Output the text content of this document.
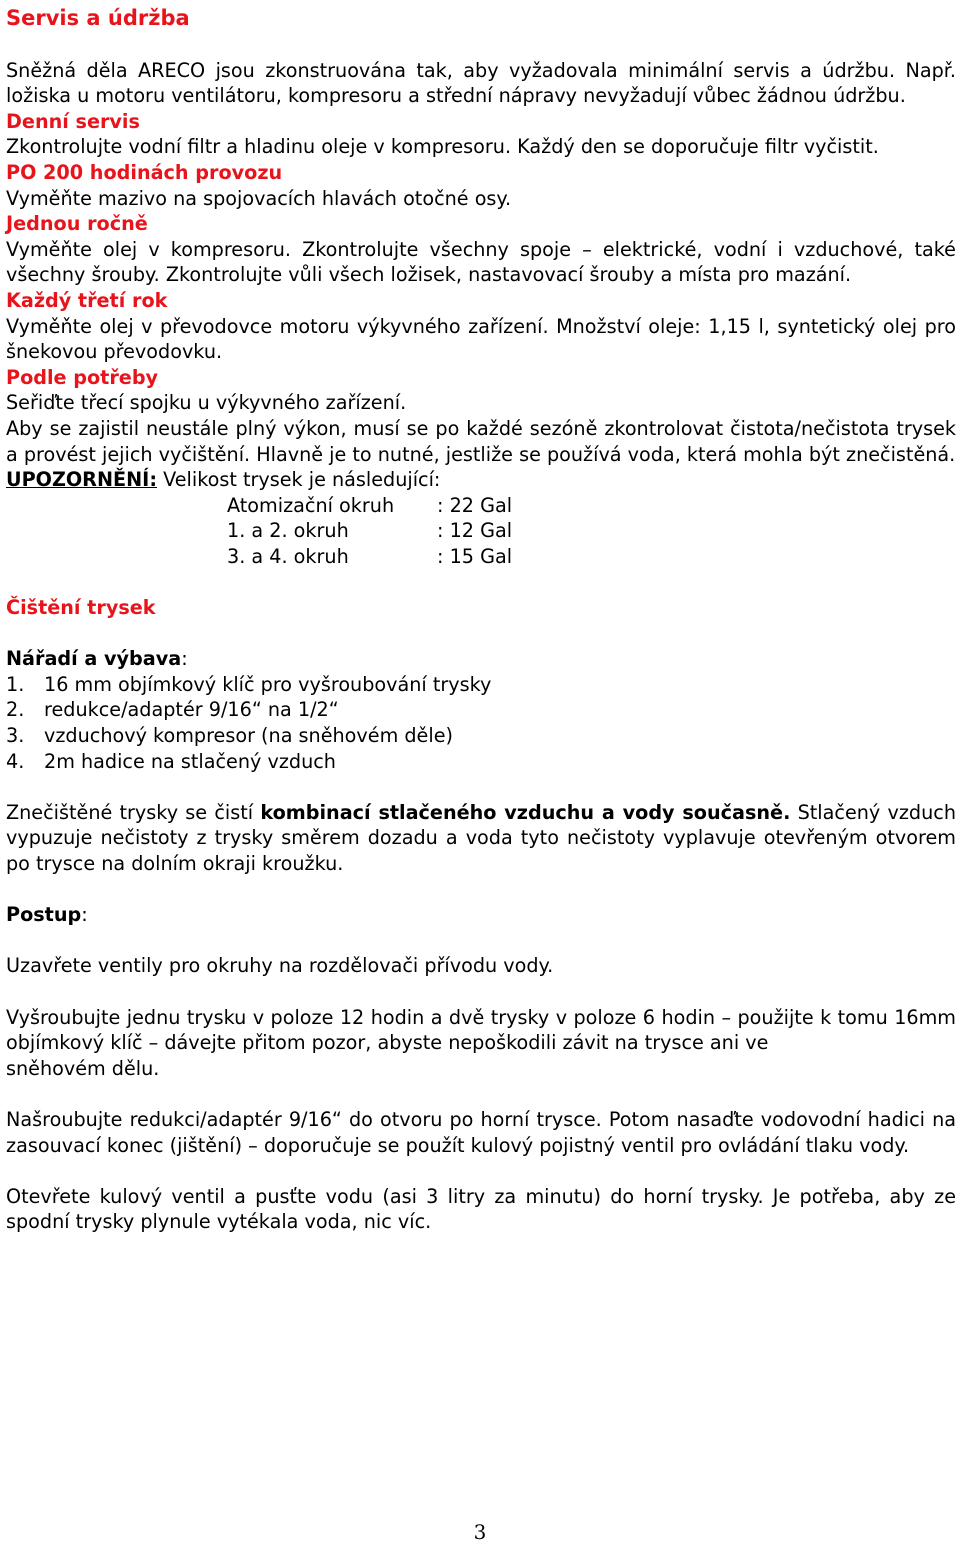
Servis a údržba

Sněžná děla ARECO jsou zkonstruována tak, aby vyžadovala minimální servis a údržbu. Např. ložiska u motoru ventilátoru, kompresoru a střední nápravy nevyžadují vůbec žádnou údržbu.

Denní servis

Zkontrolujte vodní filtr a hladinu oleje v kompresoru. Každý den se doporučuje filtr vyčistit.

PO 200 hodinách provozu

Vyměňte mazivo na spojovacích hlavách otočné osy.

Jednou ročně

Vyměňte olej v kompresoru. Zkontrolujte všechny spoje – elektrické, vodní i vzduchové, také všechny šrouby. Zkontrolujte vůli všech ložisek, nastavovací šrouby a místa pro mazání.

Každý třetí rok

Vyměňte olej v převodovce motoru výkyvného zařízení. Množství oleje: 1,15 l, syntetický olej pro šnekovou převodovku.

Podle potřeby

Seřiďte třecí spojku u výkyvného zařízení.

Aby se zajistil neustále plný výkon, musí se po každé sezóně zkontrolovat čistota/nečistota trysek a provést jejich vyčištění. Hlavně je to nutné, jestliže se používá voda, která mohla být znečistěná.

UPOZORNĚNÍ: Velikost trysek je následující:

Atomizační okruh	: 22 Gal
1. a 2. okruh	: 12 Gal
3. a 4. okruh	: 15 Gal

Čištění trysek

Nářadí a výbava:

1.	16 mm objímkový klíč pro vyšroubování trysky
2.	redukce/adaptér 9/16“ na 1/2“
3.	vzduchový kompresor (na sněhovém děle)
4.	2m hadice na stlačený vzduch

Znečištěné trysky se čistí kombinací stlačeného vzduchu a vody současně. Stlačený vzduch vypuzuje nečistoty z trysky směrem dozadu a voda tyto nečistoty vyplavuje otevřeným otvorem po trysce na dolním okraji kroužku.

Postup:

Uzavřete ventily pro okruhy na rozdělovači přívodu vody.

Vyšroubujte jednu trysku v poloze 12 hodin a dvě trysky v poloze 6 hodin – použijte k tomu 16mm objímkový klíč – dávejte přitom pozor, abyste nepoškodili závit na trysce ani ve

sněhovém dělu.

Našroubujte redukci/adaptér 9/16“ do otvoru po horní trysce. Potom nasaďte vodovodní hadici na zasouvací konec (jištění) – doporučuje se použít kulový pojistný ventil pro ovládání tlaku vody.

Otevřete kulový ventil a pusťte vodu (asi 3 litry za minutu) do horní trysky. Je potřeba, aby ze spodní trysky plynule vytékala voda, nic víc.

3
